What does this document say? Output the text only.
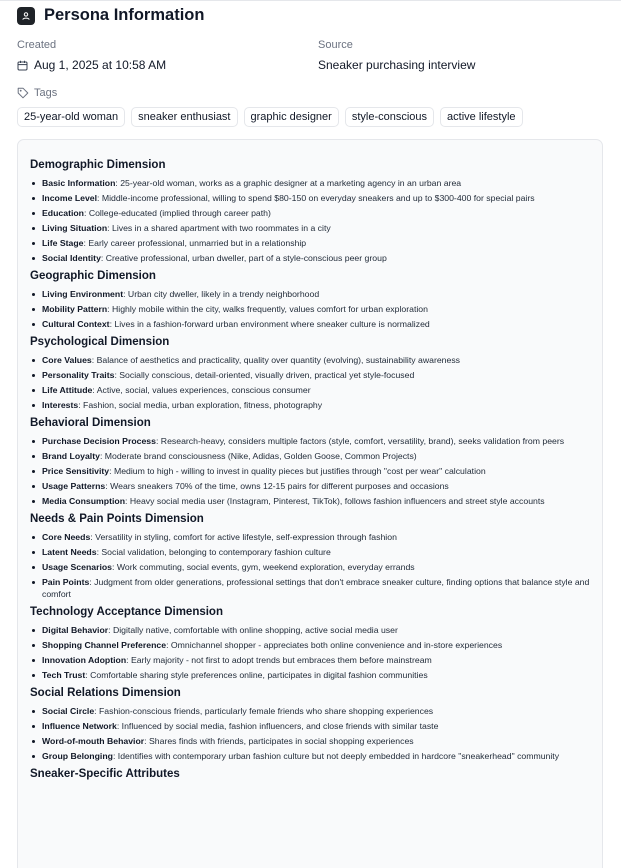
Persona Information
Created
Aug 1, 2025 at 10:58 AM
Source
Sneaker purchasing interview
Tags
25-year-old woman	sneaker enthusiast	graphic designer	style-conscious	active lifestyle
Demographic Dimension
Basic Information: 25-year-old woman, works as a graphic designer at a marketing agency in an urban area
Income Level: Middle-income professional, willing to spend $80-150 on everyday sneakers and up to $300-400 for special pairs
Education: College-educated (implied through career path)
Living Situation: Lives in a shared apartment with two roommates in a city
Life Stage: Early career professional, unmarried but in a relationship
Social Identity: Creative professional, urban dweller, part of a style-conscious peer group
Geographic Dimension
Living Environment: Urban city dweller, likely in a trendy neighborhood
Mobility Pattern: Highly mobile within the city, walks frequently, values comfort for urban exploration
Cultural Context: Lives in a fashion-forward urban environment where sneaker culture is normalized
Psychological Dimension
Core Values: Balance of aesthetics and practicality, quality over quantity (evolving), sustainability awareness
Personality Traits: Socially conscious, detail-oriented, visually driven, practical yet style-focused
Life Attitude: Active, social, values experiences, conscious consumer
Interests: Fashion, social media, urban exploration, fitness, photography
Behavioral Dimension
Purchase Decision Process: Research-heavy, considers multiple factors (style, comfort, versatility, brand), seeks validation from peers
Brand Loyalty: Moderate brand consciousness (Nike, Adidas, Golden Goose, Common Projects)
Price Sensitivity: Medium to high - willing to invest in quality pieces but justifies through "cost per wear" calculation
Usage Patterns: Wears sneakers 70% of the time, owns 12-15 pairs for different purposes and occasions
Media Consumption: Heavy social media user (Instagram, Pinterest, TikTok), follows fashion influencers and street style accounts
Needs & Pain Points Dimension
Core Needs: Versatility in styling, comfort for active lifestyle, self-expression through fashion
Latent Needs: Social validation, belonging to contemporary fashion culture
Usage Scenarios: Work commuting, social events, gym, weekend exploration, everyday errands
Pain Points: Judgment from older generations, professional settings that don't embrace sneaker culture, finding options that balance style and comfort
Technology Acceptance Dimension
Digital Behavior: Digitally native, comfortable with online shopping, active social media user
Shopping Channel Preference: Omnichannel shopper - appreciates both online convenience and in-store experiences
Innovation Adoption: Early majority - not first to adopt trends but embraces them before mainstream
Tech Trust: Comfortable sharing style preferences online, participates in digital fashion communities
Social Relations Dimension
Social Circle: Fashion-conscious friends, particularly female friends who share shopping experiences
Influence Network: Influenced by social media, fashion influencers, and close friends with similar taste
Word-of-mouth Behavior: Shares finds with friends, participates in social shopping experiences
Group Belonging: Identifies with contemporary urban fashion culture but not deeply embedded in hardcore "sneakerhead" community
Sneaker-Specific Attributes
